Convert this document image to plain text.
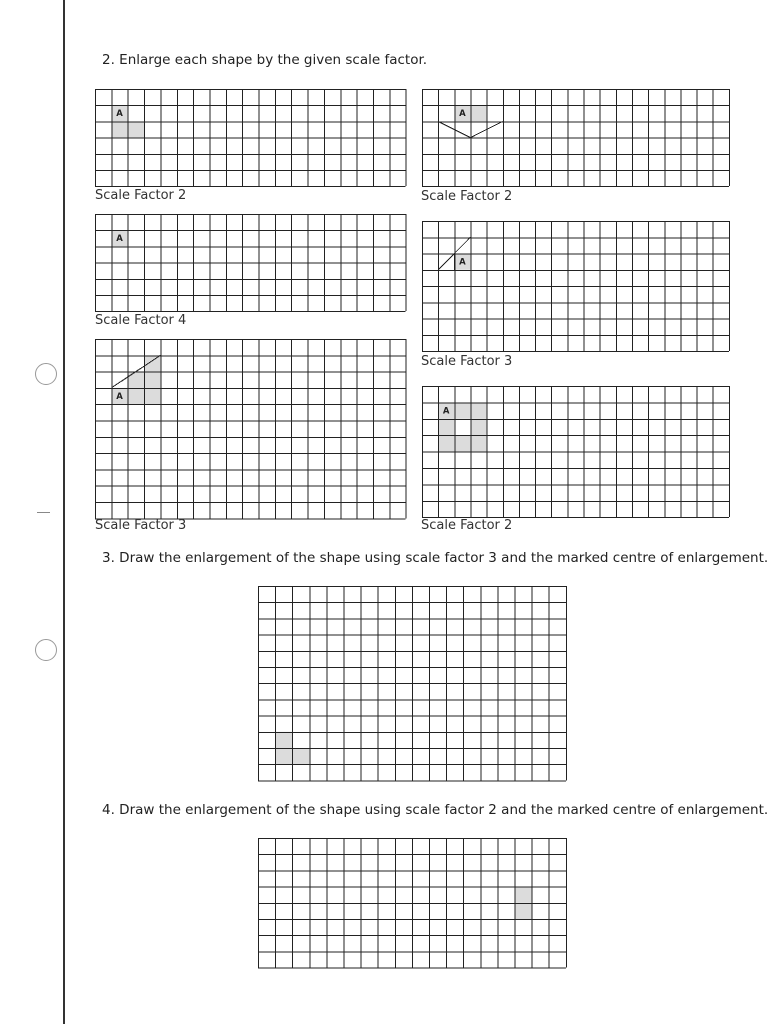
2. Enlarge each shape by the given scale factor.
A
Scale Factor 2
A
Scale Factor 2
A
Scale Factor 4
A
Scale Factor 3
A
Scale Factor 3
A
Scale Factor 2
3. Draw the enlargement of the shape using scale factor 3 and the marked centre of enlargement.
4. Draw the enlargement of the shape using scale factor 2 and the marked centre of enlargement.
